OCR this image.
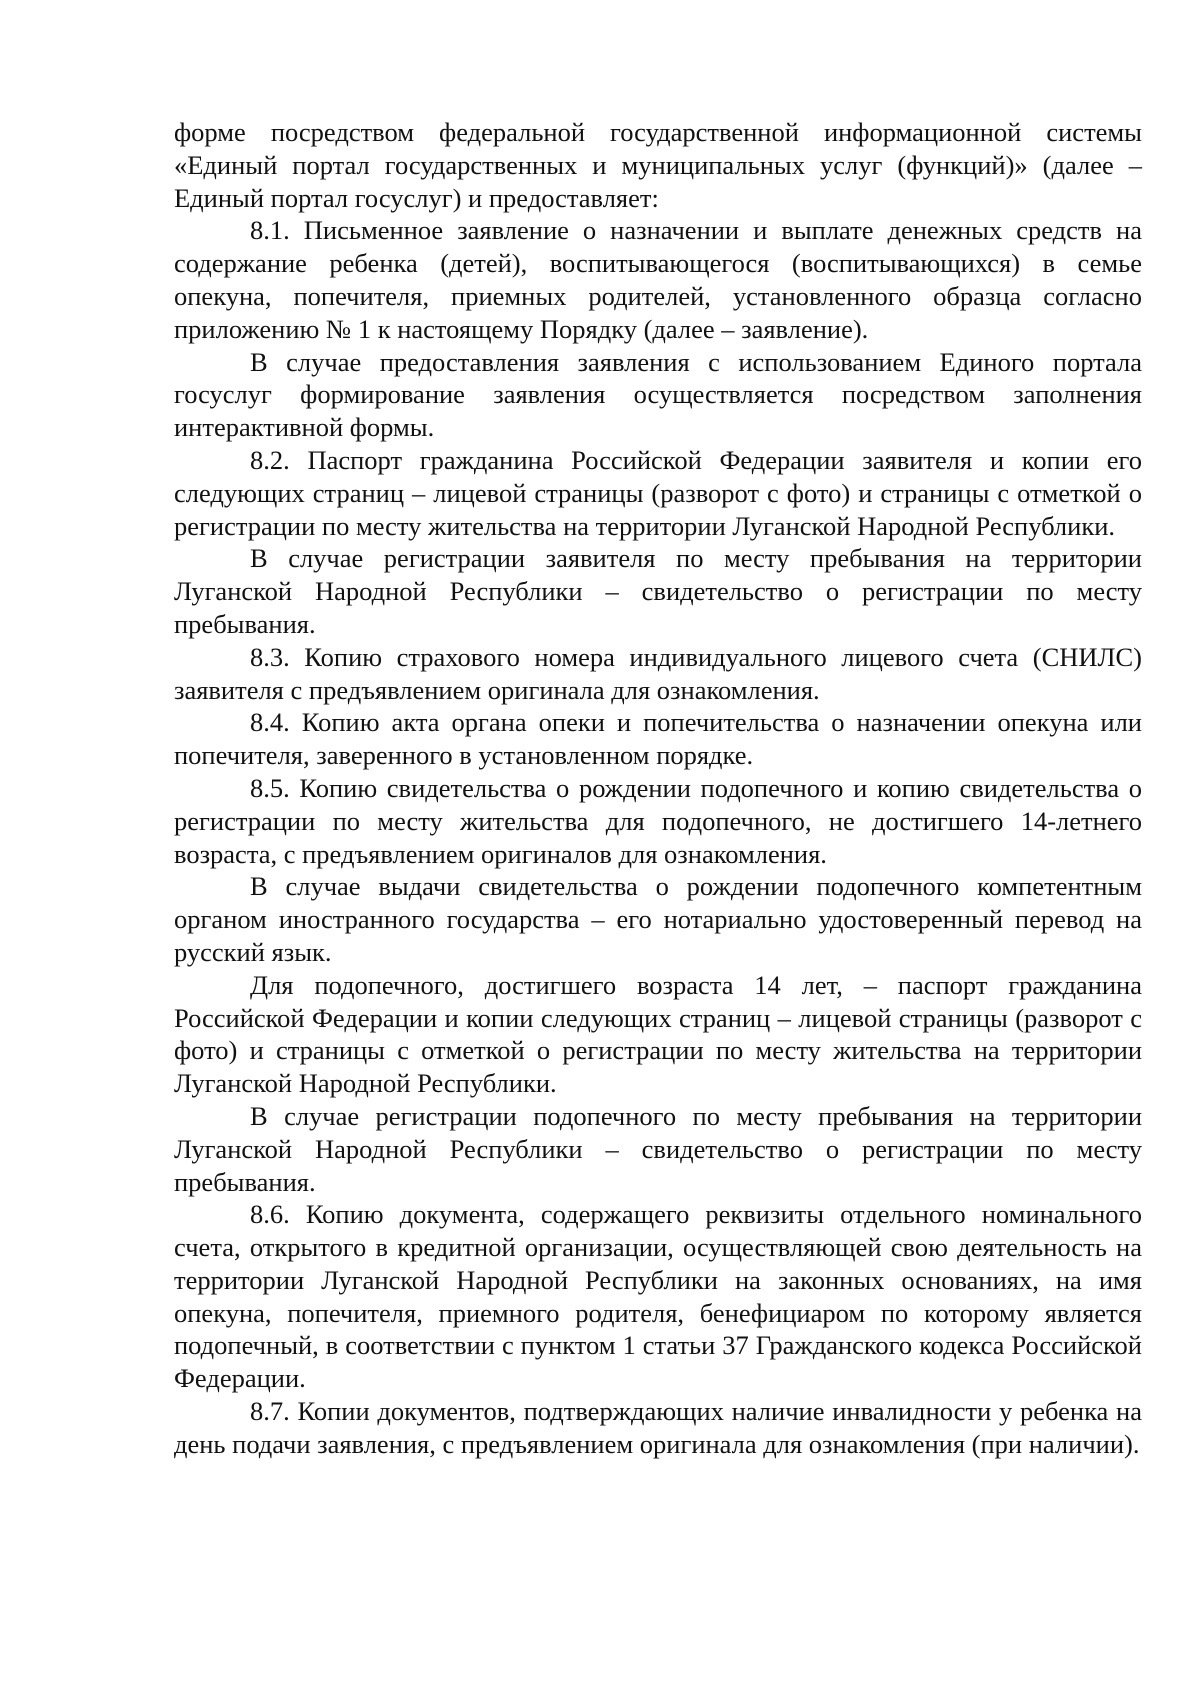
форме посредством федеральной государственной информационной системы «Единый портал государственных и муниципальных услуг (функций)» (далее – Единый портал госуслуг) и предоставляет:

8.1. Письменное заявление о назначении и выплате денежных средств на содержание ребенка (детей), воспитывающегося (воспитывающихся) в семье опекуна, попечителя, приемных родителей, установленного образца согласно приложению № 1 к настоящему Порядку (далее – заявление).

В случае предоставления заявления с использованием Единого портала госуслуг формирование заявления осуществляется посредством заполнения интерактивной формы.

8.2. Паспорт гражданина Российской Федерации заявителя и копии его следующих страниц – лицевой страницы (разворот с фото) и страницы с отметкой о регистрации по месту жительства на территории Луганской Народной Республики.

В случае регистрации заявителя по месту пребывания на территории Луганской Народной Республики – свидетельство о регистрации по месту пребывания.

8.3. Копию страхового номера индивидуального лицевого счета (СНИЛС) заявителя с предъявлением оригинала для ознакомления.

8.4. Копию акта органа опеки и попечительства о назначении опекуна или попечителя, заверенного в установленном порядке.

8.5. Копию свидетельства о рождении подопечного и копию свидетельства о регистрации по месту жительства для подопечного, не достигшего 14-летнего возраста, с предъявлением оригиналов для ознакомления.

В случае выдачи свидетельства о рождении подопечного компетентным органом иностранного государства – его нотариально удостоверенный перевод на русский язык.

Для подопечного, достигшего возраста 14 лет, – паспорт гражданина Российской Федерации и копии следующих страниц – лицевой страницы (разворот с фото) и страницы с отметкой о регистрации по месту жительства на территории Луганской Народной Республики.

В случае регистрации подопечного по месту пребывания на территории Луганской Народной Республики – свидетельство о регистрации по месту пребывания.

8.6. Копию документа, содержащего реквизиты отдельного номинального счета, открытого в кредитной организации, осуществляющей свою деятельность на территории Луганской Народной Республики на законных основаниях, на имя опекуна, попечителя, приемного родителя, бенефициаром по которому является подопечный, в соответствии с пунктом 1 статьи 37 Гражданского кодекса Российской Федерации.

8.7. Копии документов, подтверждающих наличие инвалидности у ребенка на день подачи заявления, с предъявлением оригинала для ознакомления (при наличии).
